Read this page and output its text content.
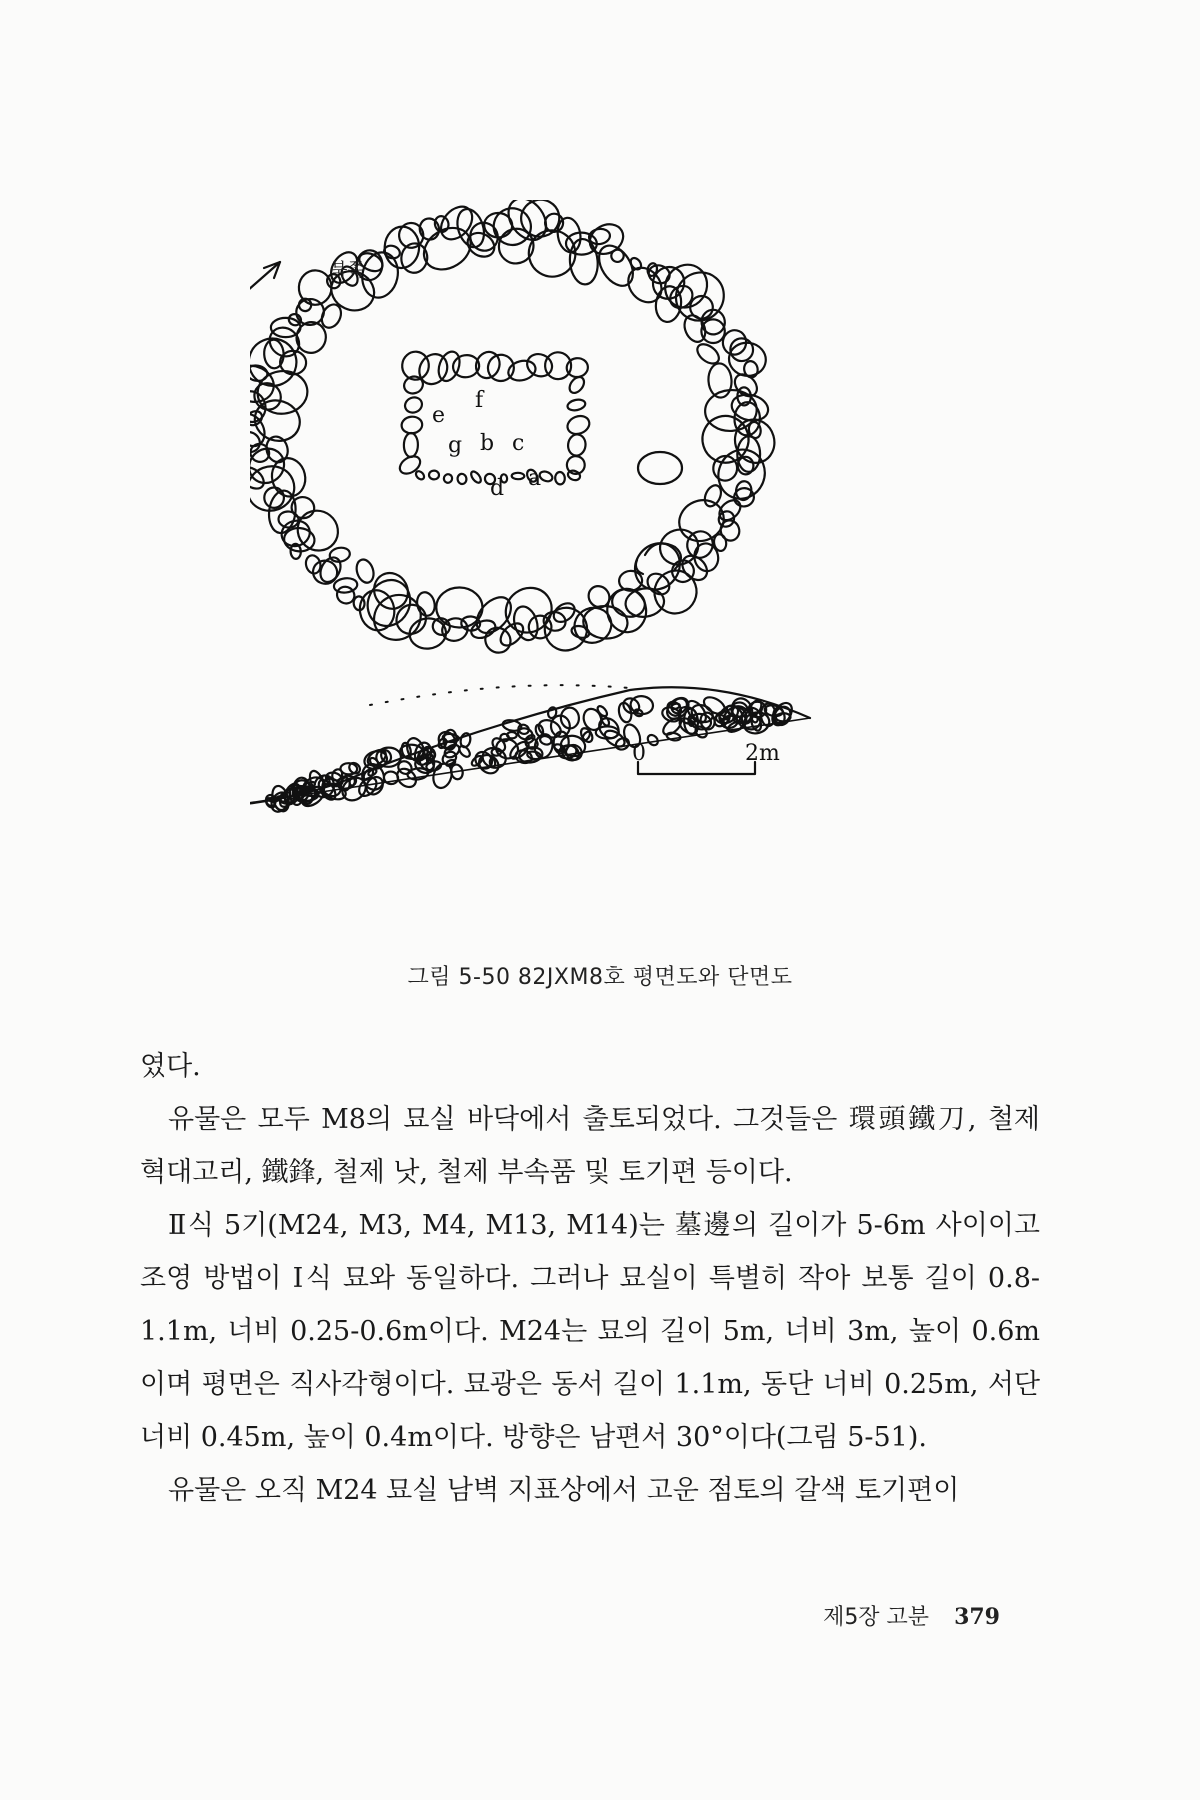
a
b c
d
e
f
g
0	2m
북쪽
그림 5-50 82JXM8호 평면도와 단면도

였다.

유물은 모두 M8의 묘실 바닥에서 출토되었다. 그것들은 環頭鐵刀, 철제 혁대고리, 鐵鋒, 철제 낫, 철제 부속품 및 토기편 등이다.

Ⅱ식 5기(M24, M3, M4, M13, M14)는 墓邊의 길이가 5-6m 사이이고 조영 방법이 Ⅰ식 묘와 동일하다. 그러나 묘실이 특별히 작아 보통 길이 0.8-1.1m, 너비 0.25-0.6m이다. M24는 묘의 길이 5m, 너비 3m, 높이 0.6m이며 평면은 직사각형이다. 묘광은 동서 길이 1.1m, 동단 너비 0.25m, 서단 너비 0.45m, 높이 0.4m이다. 방향은 남편서 30°이다(그림 5-51).

유물은 오직 M24 묘실 남벽 지표상에서 고운 점토의 갈색 토기편이

제5장 고분 379
